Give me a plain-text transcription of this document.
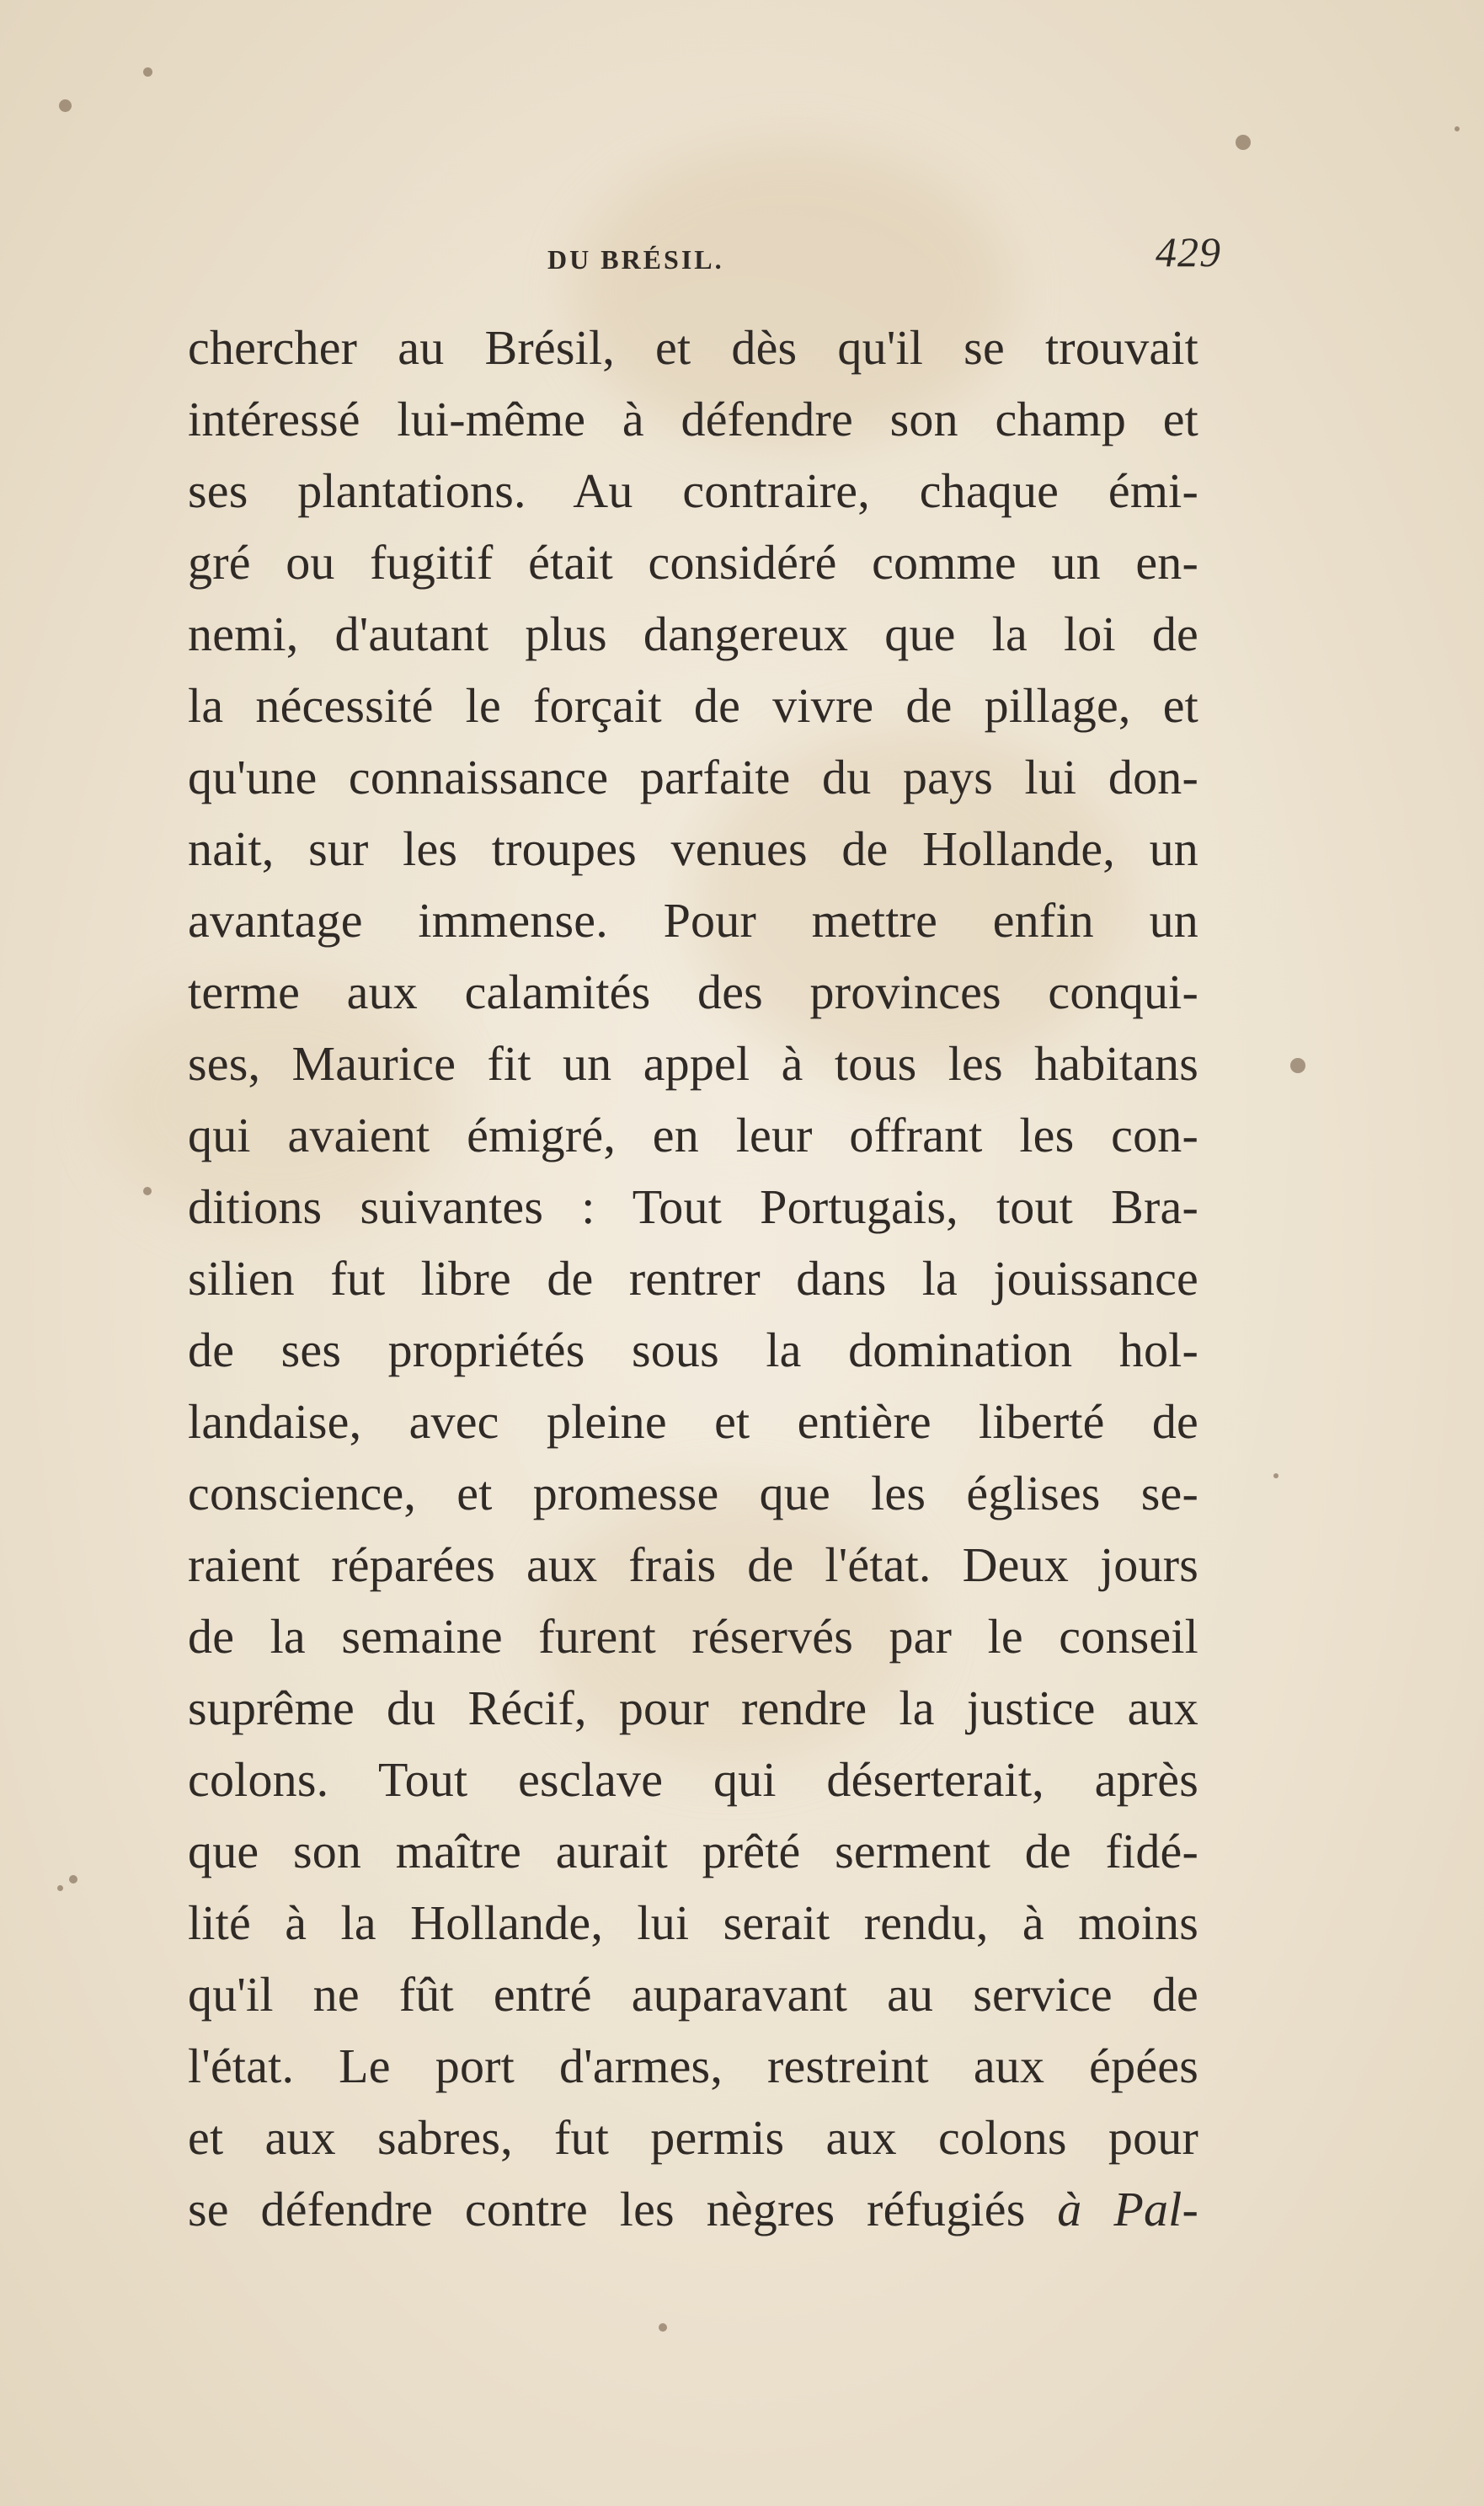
DU BRÉSIL.	429
chercher au Brésil, et dès qu'il se trouvait
intéressé lui-même à défendre son champ et
ses plantations. Au contraire, chaque émi-
gré ou fugitif était considéré comme un en-
nemi, d'autant plus dangereux que la loi de
la nécessité le forçait de vivre de pillage, et
qu'une connaissance parfaite du pays lui don-
nait, sur les troupes venues de Hollande, un
avantage immense. Pour mettre enfin un
terme aux calamités des provinces conqui-
ses, Maurice fit un appel à tous les habitans
qui avaient émigré, en leur offrant les con-
ditions suivantes : Tout Portugais, tout Bra-
silien fut libre de rentrer dans la jouissance
de ses propriétés sous la domination hol-
landaise, avec pleine et entière liberté de
conscience, et promesse que les églises se-
raient réparées aux frais de l'état. Deux jours
de la semaine furent réservés par le conseil
suprême du Récif, pour rendre la justice aux
colons. Tout esclave qui déserterait, après
que son maître aurait prêté serment de fidé-
lité à la Hollande, lui serait rendu, à moins
qu'il ne fût entré auparavant au service de
l'état. Le port d'armes, restreint aux épées
et aux sabres, fut permis aux colons pour
se défendre contre les nègres réfugiés à Pal-
